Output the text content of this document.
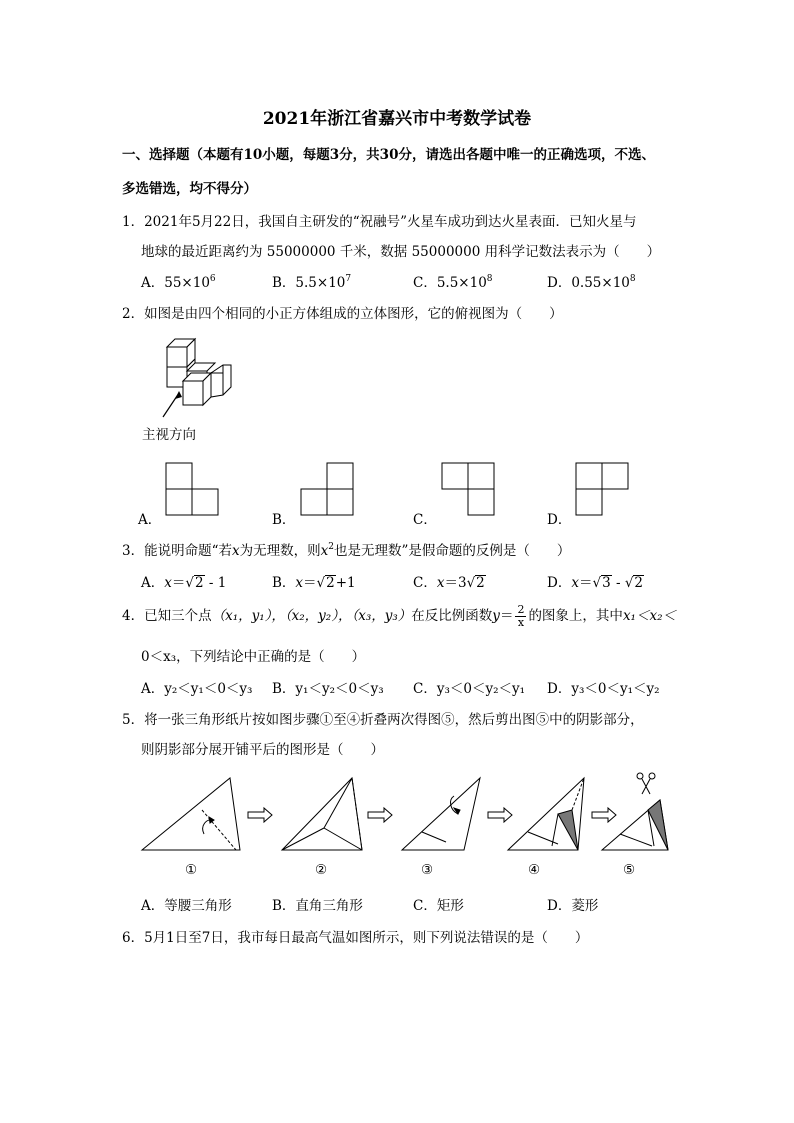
2021年浙江省嘉兴市中考数学试卷
一、选择题（本题有10小题，每题3分，共30分，请选出各题中唯一的正确选项，不选、
多选错选，均不得分）
1．2021年5月22日，我国自主研发的“祝融号”火星车成功到达火星表面．已知火星与
地球的最近距离约为 55000000 千米，数据 55000000 用科学记数法表示为（　　）
A．$55\times 10^6$	B．$5.5\times 10^7$	C．$5.5\times 10^8$	D．$0.55\times 10^8$
2．如图是由四个相同的小正方体组成的立体图形，它的俯视图为（　　）
主视方向
A．	B．	C．	D．
3．能说明命题“若x为无理数，则$x^2$也是无理数”是假命题的反例是（　　）
A．x＝√2 - 1	B．x＝√2+1	C．x＝3√2	D．x＝√3 - √2
4．已知三个点（x₁，y₁），（x₂，y₂），（x₃，y₃）在反比例函数$y= \frac{2}{x}$ 的图象上，其中x₁＜x₂＜
0＜x₃，下列结论中正确的是（　　）
A．y₂＜y₁＜0＜y₃ B．y₁＜y₂＜0＜y₃ C．y₃＜0＜y₂＜y₁ D．y₃＜0＜y₁＜y₂
5．将一张三角形纸片按如图步骤①至④折叠两次得图⑤，然后剪出图⑤中的阴影部分，
则阴影部分展开铺平后的图形是（　　）
①	②	③	④	⑤
A．等腰三角形	B．直角三角形	C．矩形	D．菱形
6．5月1日至7日，我市每日最高气温如图所示，则下列说法错误的是（　　）
